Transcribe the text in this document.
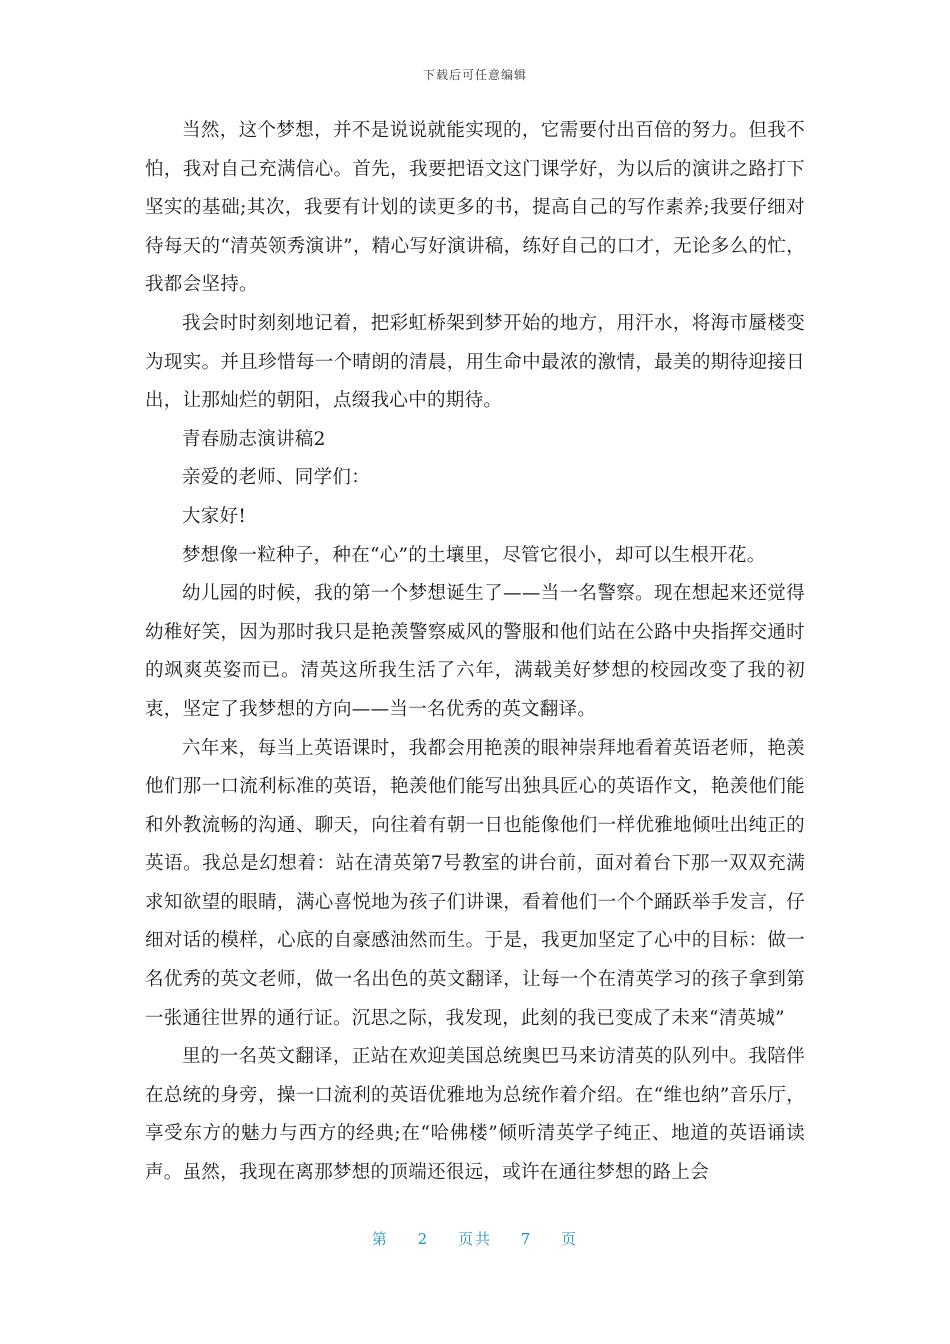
下载后可任意编辑

当然，这个梦想，并不是说说就能实现的，它需要付出百倍的努力。但我不怕，我对自己充满信心。首先，我要把语文这门课学好，为以后的演讲之路打下坚实的基础;其次，我要有计划的读更多的书，提高自己的写作素养;我要仔细对待每天的“清英领秀演讲”，精心写好演讲稿，练好自己的口才，无论多么的忙，我都会坚持。

我会时时刻刻地记着，把彩虹桥架到梦开始的地方，用汗水，将海市蜃楼变为现实。并且珍惜每一个晴朗的清晨，用生命中最浓的激情，最美的期待迎接日出，让那灿烂的朝阳，点缀我心中的期待。

青春励志演讲稿2

亲爱的老师、同学们：

大家好!

梦想像一粒种子，种在“心”的土壤里，尽管它很小，却可以生根开花。

幼儿园的时候，我的第一个梦想诞生了——当一名警察。现在想起来还觉得幼稚好笑，因为那时我只是艳羡警察威风的警服和他们站在公路中央指挥交通时的飒爽英姿而已。清英这所我生活了六年，满载美好梦想的校园改变了我的初衷，坚定了我梦想的方向——当一名优秀的英文翻译。

六年来，每当上英语课时，我都会用艳羡的眼神崇拜地看着英语老师，艳羡他们那一口流利标准的英语，艳羡他们能写出独具匠心的英语作文，艳羡他们能和外教流畅的沟通、聊天，向往着有朝一日也能像他们一样优雅地倾吐出纯正的英语。我总是幻想着：站在清英第7号教室的讲台前，面对着台下那一双双充满求知欲望的眼睛，满心喜悦地为孩子们讲课，看着他们一个个踊跃举手发言，仔细对话的模样，心底的自豪感油然而生。于是，我更加坚定了心中的目标：做一名优秀的英文老师，做一名出色的英文翻译，让每一个在清英学习的孩子拿到第一张通往世界的通行证。沉思之际，我发现，此刻的我已变成了未来“清英城”

里的一名英文翻译，正站在欢迎美国总统奥巴马来访清英的队列中。我陪伴在总统的身旁，操一口流利的英语优雅地为总统作着介绍。在“维也纳”音乐厅，享受东方的魅力与西方的经典;在“哈佛楼”倾听清英学子纯正、地道的英语诵读声。虽然，我现在离那梦想的顶端还很远，或许在通往梦想的路上会

第 2 页共 7 页
